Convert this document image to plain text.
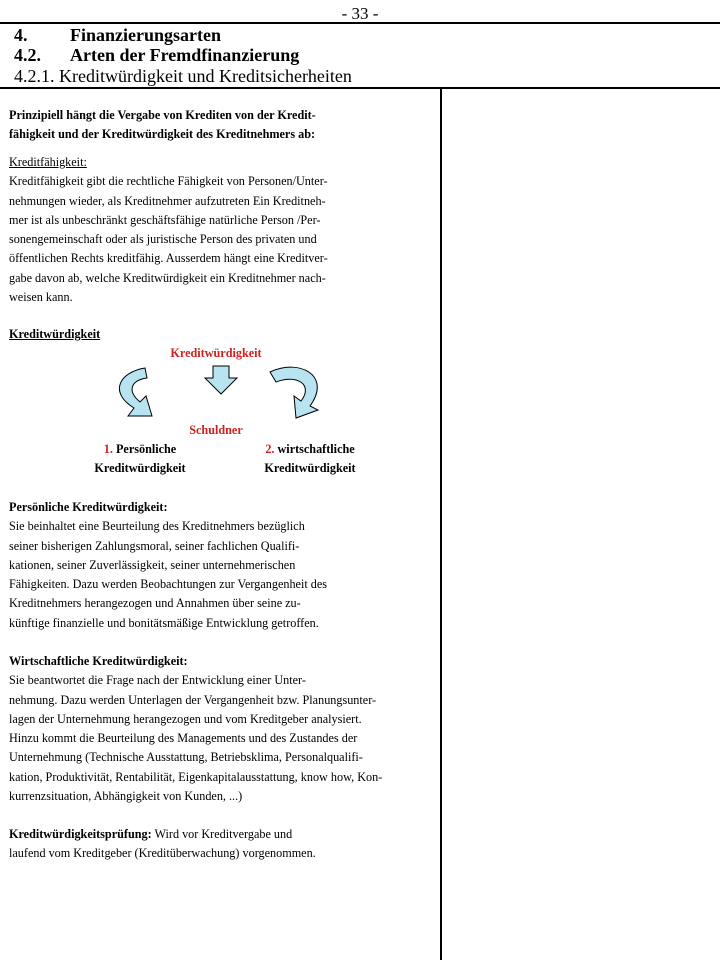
- 33 -
4. Finanzierungsarten
4.2. Arten der Fremdfinanzierung
4.2.1. Kreditwürdigkeit und Kreditsicherheiten
Prinzipiell hängt die Vergabe von Krediten von der Kredit-
fähigkeit und der Kreditwürdigkeit des Kreditnehmers ab:
Kreditfähigkeit:
Kreditfähigkeit gibt die rechtliche Fähigkeit von Personen/Unter-
nehmungen wieder, als Kreditnehmer aufzutreten Ein Kreditneh-
mer ist als unbeschränkt geschäftsfähige natürliche Person /Per-
sonengemeinschaft oder als juristische Person des privaten und
öffentlichen Rechts kreditfähig. Ausserdem hängt eine Kreditver-
gabe davon ab, welche Kreditwürdigkeit ein Kreditnehmer nach-
weisen kann.
Kreditwürdigkeit
Kreditwürdigkeit
Schuldner
1. Persönliche
Kreditwürdigkeit
2. wirtschaftliche
Kreditwürdigkeit
Persönliche Kreditwürdigkeit:
Sie beinhaltet eine Beurteilung des Kreditnehmers bezüglich
seiner bisherigen Zahlungsmoral, seiner fachlichen Qualifi-
kationen, seiner Zuverlässigkeit, seiner unternehmerischen
Fähigkeiten. Dazu werden Beobachtungen zur Vergangenheit des
Kreditnehmers herangezogen und Annahmen über seine zu-
künftige finanzielle und bonitätsmäßige Entwicklung getroffen.
Wirtschaftliche Kreditwürdigkeit:
Sie beantwortet die Frage nach der Entwicklung einer Unter-
nehmung. Dazu werden Unterlagen der Vergangenheit bzw. Planungsunter-
lagen der Unternehmung herangezogen und vom Kreditgeber analysiert.
Hinzu kommt die Beurteilung des Managements und des Zustandes der
Unternehmung (Technische Ausstattung, Betriebsklima, Personalqualifi-
kation, Produktivität, Rentabilität, Eigenkapitalausstattung, know how, Kon-
kurrenzsituation, Abhängigkeit von Kunden, ...)
Kreditwürdigkeitsprüfung: Wird vor Kreditvergabe und
laufend vom Kreditgeber (Kreditüberwachung) vorgenommen.
